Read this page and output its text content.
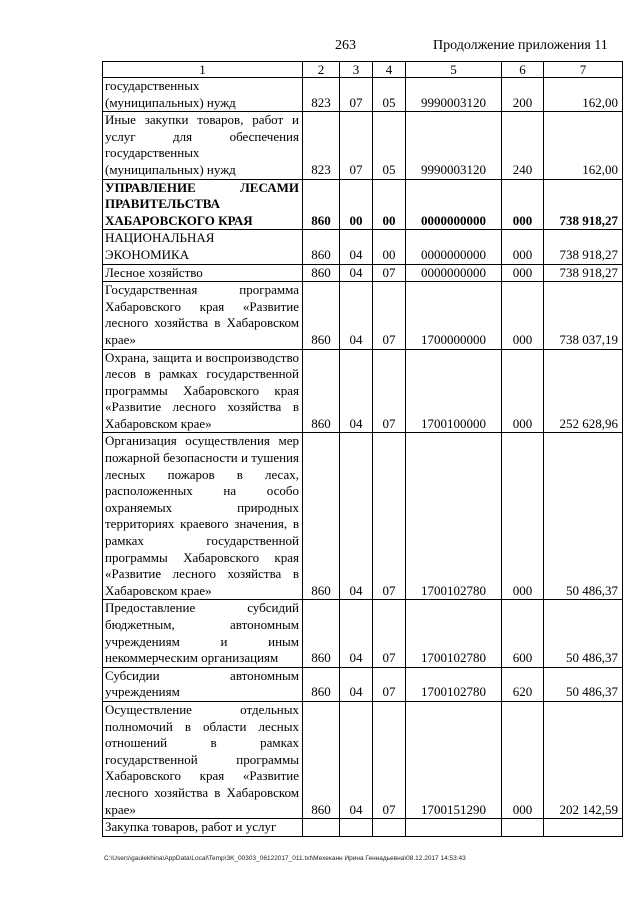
263	Продолжение приложения 11
1	2	3	4	5	6	7
государственных (муниципальных) нужд	823	07	05	9990003120	200	162,00
Иные закупки товаров, работ и услуг для обеспечения государственных (муниципальных) нужд	823	07	05	9990003120	240	162,00
УПРАВЛЕНИЕ ЛЕСАМИ ПРАВИТЕЛЬСТВА ХАБАРОВСКОГО КРАЯ	860	00	00	0000000000	000	738 918,27
НАЦИОНАЛЬНАЯ ЭКОНОМИКА	860	04	00	0000000000	000	738 918,27
Лесное хозяйство	860	04	07	0000000000	000	738 918,27
Государственная программа Хабаровского края «Развитие лесного хозяйства в Хабаровском крае»	860	04	07	1700000000	000	738 037,19
Охрана, защита и воспроизводство лесов в рамках государственной программы Хабаровского края «Развитие лесного хозяйства в Хабаровском крае»	860	04	07	1700100000	000	252 628,96
Организация осуществления мер пожарной безопасности и тушения лесных пожаров в лесах, расположенных на особо охраняемых природных территориях краевого значения, в рамках государственной программы Хабаровского края «Развитие лесного хозяйства в Хабаровском крае»	860	04	07	1700102780	000	50 486,37
Предоставление субсидий бюджетным, автономным учреждениям и иным некоммерческим организациям	860	04	07	1700102780	600	50 486,37
Субсидии автономным учреждениям	860	04	07	1700102780	620	50 486,37
Осуществление отдельных полномочий в области лесных отношений в рамках государственной программы Хабаровского края «Развитие лесного хозяйства в Хабаровском крае»	860	04	07	1700151290	000	202 142,59
Закупка товаров, работ и услуг						
C:\Users\gaulekhina\AppData\Local\Temp\3K_00303_06122017_011.txt\Мехеканн Ирина Геннадьевна\08.12.2017 14:53:43
